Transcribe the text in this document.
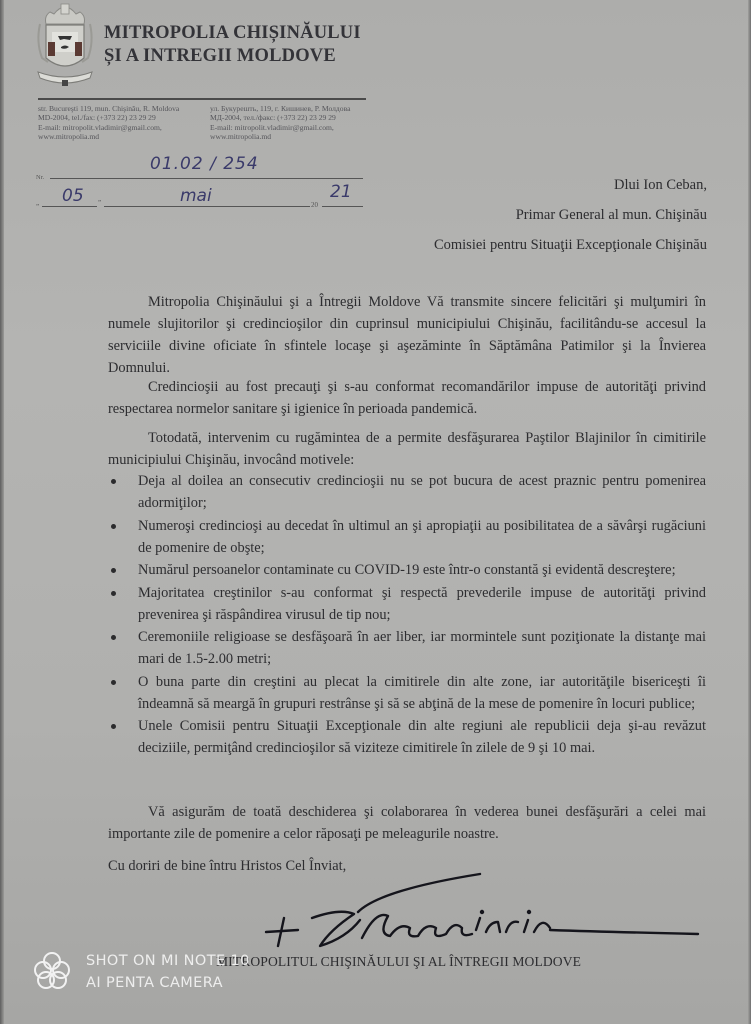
MITROPOLIA CHIȘINĂULUI
ȘI A INTREGII MOLDOVE
str. Bucureşti 119, mun. Chişinău, R. Moldova
MD-2004, tel./fax: (+373 22) 23 29 29
E-mail: mitropolit.vladimir@gmail.com,
www.mitropolia.md
ул. Букурешть, 119, г. Кишинев, Р. Молдова
МД-2004, тел./факс: (+373 22) 23 29 29
E-mail: mitropolit.vladimir@gmail.com,
www.mitropolia.md
Nr.
01.02 / 254
„ 05 ”	mai	20
21	Dlui Ion Ceban,
Primar General al mun. Chişinău
Comisiei pentru Situaţii Excepţionale Chişinău
Mitropolia Chişinăului şi a Întregii Moldove Vă transmite sincere felicitări şi mulţumiri în numele slujitorilor şi credincioşilor din cuprinsul municipiului Chişinău, facilitându-se accesul la serviciile divine oficiate în sfintele locaşe şi aşezăminte în Săptămâna Patimilor şi la Învierea Domnului.
Credincioşii au fost precauţi şi s-au conformat recomandărilor impuse de autorităţi privind respectarea normelor sanitare şi igienice în perioada pandemică.
Totodată, intervenim cu rugămintea de a permite desfăşurarea Paştilor Blajinilor în cimitirile municipiului Chişinău, invocând motivele:
Deja al doilea an consecutiv credincioşii nu se pot bucura de acest praznic pentru pomenirea adormiţilor;
Numeroşi credincioşi au decedat în ultimul an şi apropiaţii au posibilitatea de a săvârşi rugăciuni de pomenire de obşte;
Numărul persoanelor contaminate cu COVID-19 este într-o constantă şi evidentă descreştere;
Majoritatea creştinilor s-au conformat şi respectă prevederile impuse de autorităţi privind prevenirea şi răspândirea virusul de tip nou;
Ceremoniile religioase se desfăşoară în aer liber, iar mormintele sunt poziţionate la distanţe mai mari de 1.5-2.00 metri;
O buna parte din creştini au plecat la cimitirele din alte zone, iar autorităţile bisericeşti îi îndeamnă să meargă în grupuri restrânse şi să se abţină de la mese de pomenire în locuri publice;
Unele Comisii pentru Situaţii Excepţionale din alte regiuni ale republicii deja şi-au revăzut deciziile, permiţând credincioşilor să viziteze cimitirele în zilele de 9 şi 10 mai.
Vă asigurăm de toată deschiderea şi colaborarea în vederea bunei desfăşurări a celei mai importante zile de pomenire a celor răposaţi pe meleagurile noastre.
Cu doriri de bine întru Hristos Cel Înviat,
MITROPOLITUL CHIŞINĂULUI ŞI AL ÎNTREGII MOLDOVE
SHOT ON MI NOTE 10
AI PENTA CAMERA
